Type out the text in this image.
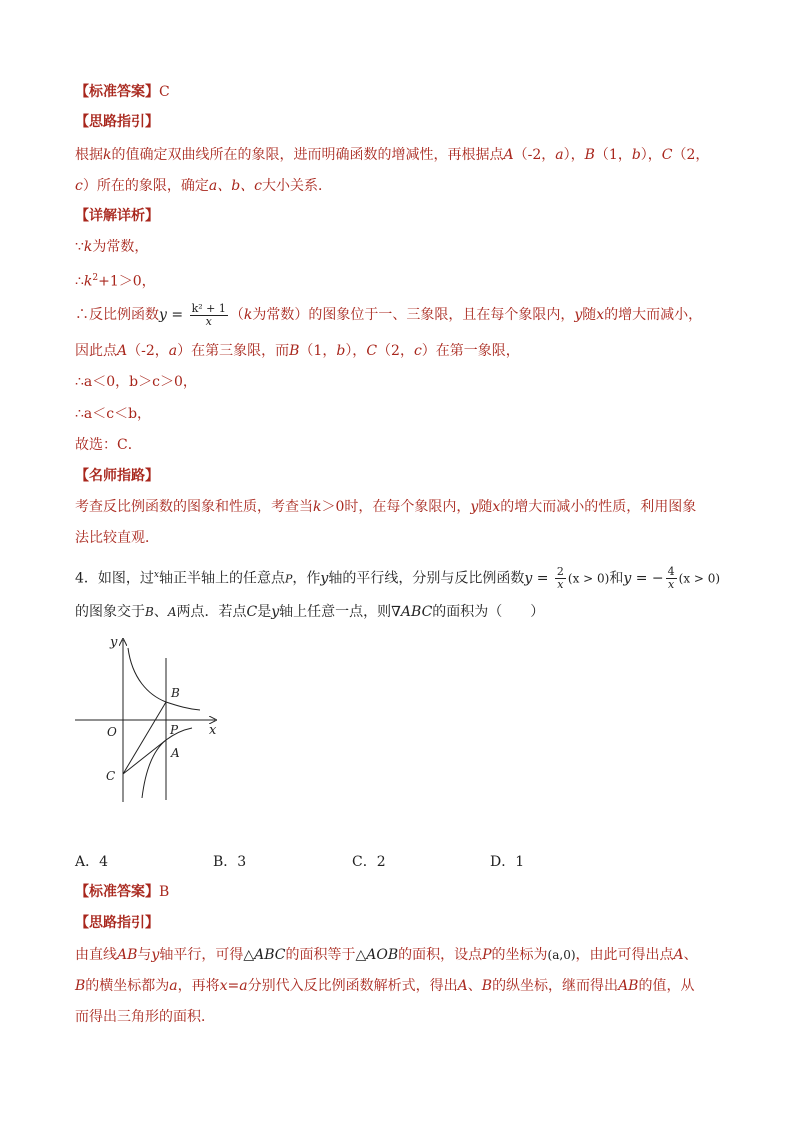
【标准答案】C
【思路指引】
根据k的值确定双曲线所在的象限，进而明确函数的增减性，再根据点A（-2，a），B（1，b），C（2，
c）所在的象限，确定a、b、c大小关系．
【详解详析】
∵k为常数，
$\therefore k^2+1>0$，
∴反比例函数$y = \frac{\text{k² + 1}}{x} (k$为常数）的图象位于一、三象限，且在每个象限内，y随x的增大而减小，
因此点A（-2，a）在第三象限，而B（1，b），C（2，c）在第一象限，
∴a＜0，b＞c＞0，
∴a＜c＜b，
故选：C．
【名师指路】
考查反比例函数的图象和性质，考查当k＞0时，在每个象限内，y随x的增大而减小的性质，利用图象
法比较直观．
4．如图，过$^x$轴正半轴上的任意点P，作y轴的平行线，分别与反比例函数$y = \frac{2}{x} (x > 0)$和y = − $\frac{4}{x} (x > 0)$
的图象交于B、A两点．若点C是y轴上任意一点，则∇ABC的面积为（　　）
y
x
O
B
P
A
C
A．4	B．3	C．2	D．1
【标准答案】B
【思路指引】
由直线AB与y轴平行，可得△ABC的面积等于△AOB的面积，设点P的坐标为(a,0)，由此可得出点A、
B的横坐标都为a，再将x=a分别代入反比例函数解析式，得出A、B的纵坐标，继而得出AB的值，从
而得出三角形的面积．
